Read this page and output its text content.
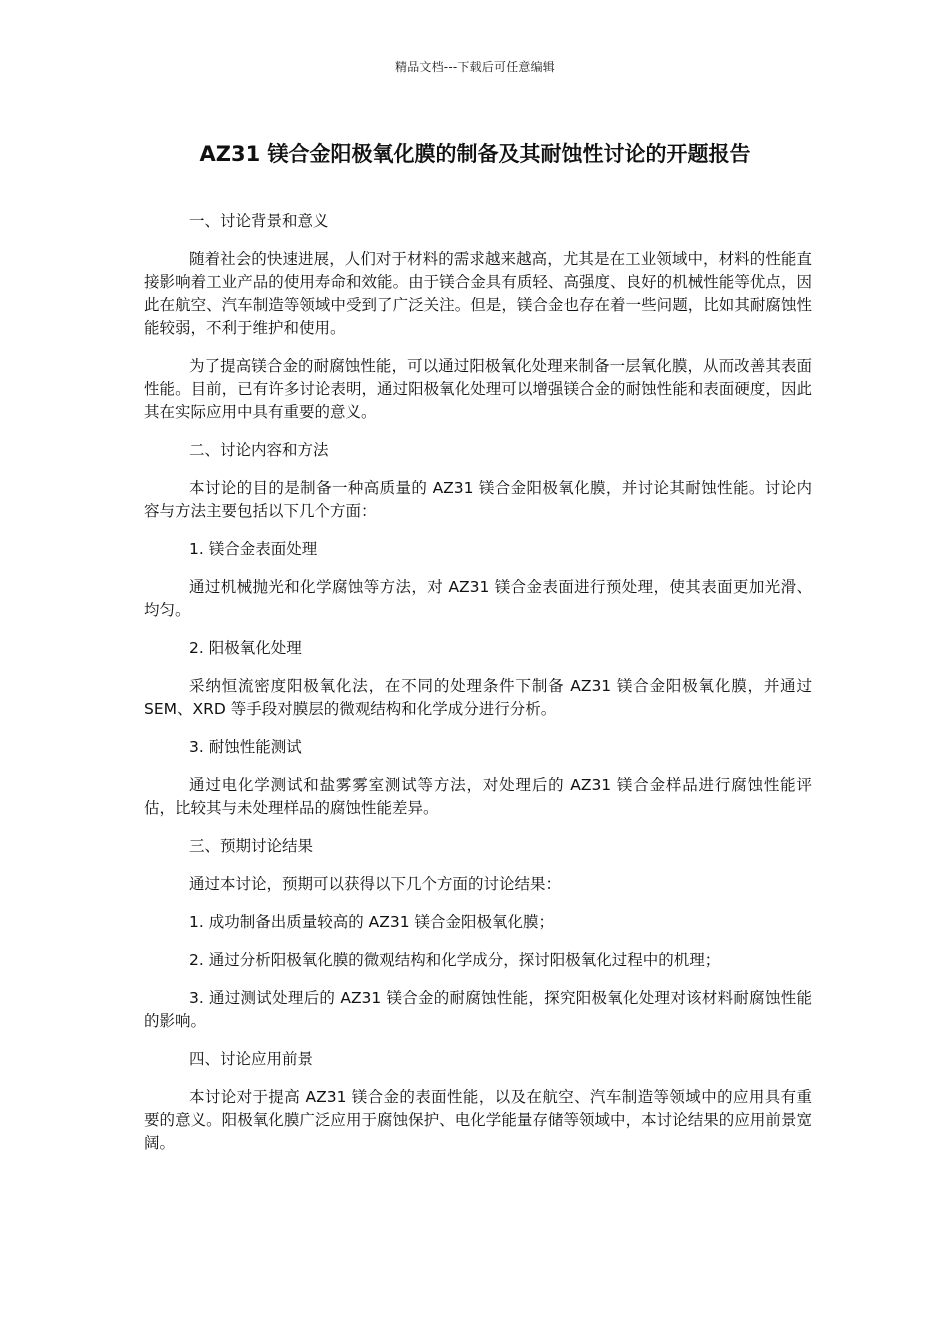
精品文档---下载后可任意编辑
AZ31 镁合金阳极氧化膜的制备及其耐蚀性讨论的开题报告
一、讨论背景和意义

随着社会的快速进展，人们对于材料的需求越来越高，尤其是在工业领域中，材料的性能直接影响着工业产品的使用寿命和效能。由于镁合金具有质轻、高强度、良好的机械性能等优点，因此在航空、汽车制造等领域中受到了广泛关注。但是，镁合金也存在着一些问题，比如其耐腐蚀性能较弱，不利于维护和使用。

为了提高镁合金的耐腐蚀性能，可以通过阳极氧化处理来制备一层氧化膜，从而改善其表面性能。目前，已有许多讨论表明，通过阳极氧化处理可以增强镁合金的耐蚀性能和表面硬度，因此其在实际应用中具有重要的意义。

二、讨论内容和方法

本讨论的目的是制备一种高质量的 AZ31 镁合金阳极氧化膜，并讨论其耐蚀性能。讨论内容与方法主要包括以下几个方面：

1. 镁合金表面处理

通过机械抛光和化学腐蚀等方法，对 AZ31 镁合金表面进行预处理，使其表面更加光滑、均匀。

2. 阳极氧化处理

采纳恒流密度阳极氧化法，在不同的处理条件下制备 AZ31 镁合金阳极氧化膜，并通过 SEM、XRD 等手段对膜层的微观结构和化学成分进行分析。

3. 耐蚀性能测试

通过电化学测试和盐雾雾室测试等方法，对处理后的 AZ31 镁合金样品进行腐蚀性能评估，比较其与未处理样品的腐蚀性能差异。

三、预期讨论结果

通过本讨论，预期可以获得以下几个方面的讨论结果：

1. 成功制备出质量较高的 AZ31 镁合金阳极氧化膜；

2. 通过分析阳极氧化膜的微观结构和化学成分，探讨阳极氧化过程中的机理；

3. 通过测试处理后的 AZ31 镁合金的耐腐蚀性能，探究阳极氧化处理对该材料耐腐蚀性能的影响。

四、讨论应用前景

本讨论对于提高 AZ31 镁合金的表面性能，以及在航空、汽车制造等领域中的应用具有重要的意义。阳极氧化膜广泛应用于腐蚀保护、电化学能量存储等领域中，本讨论结果的应用前景宽阔。
